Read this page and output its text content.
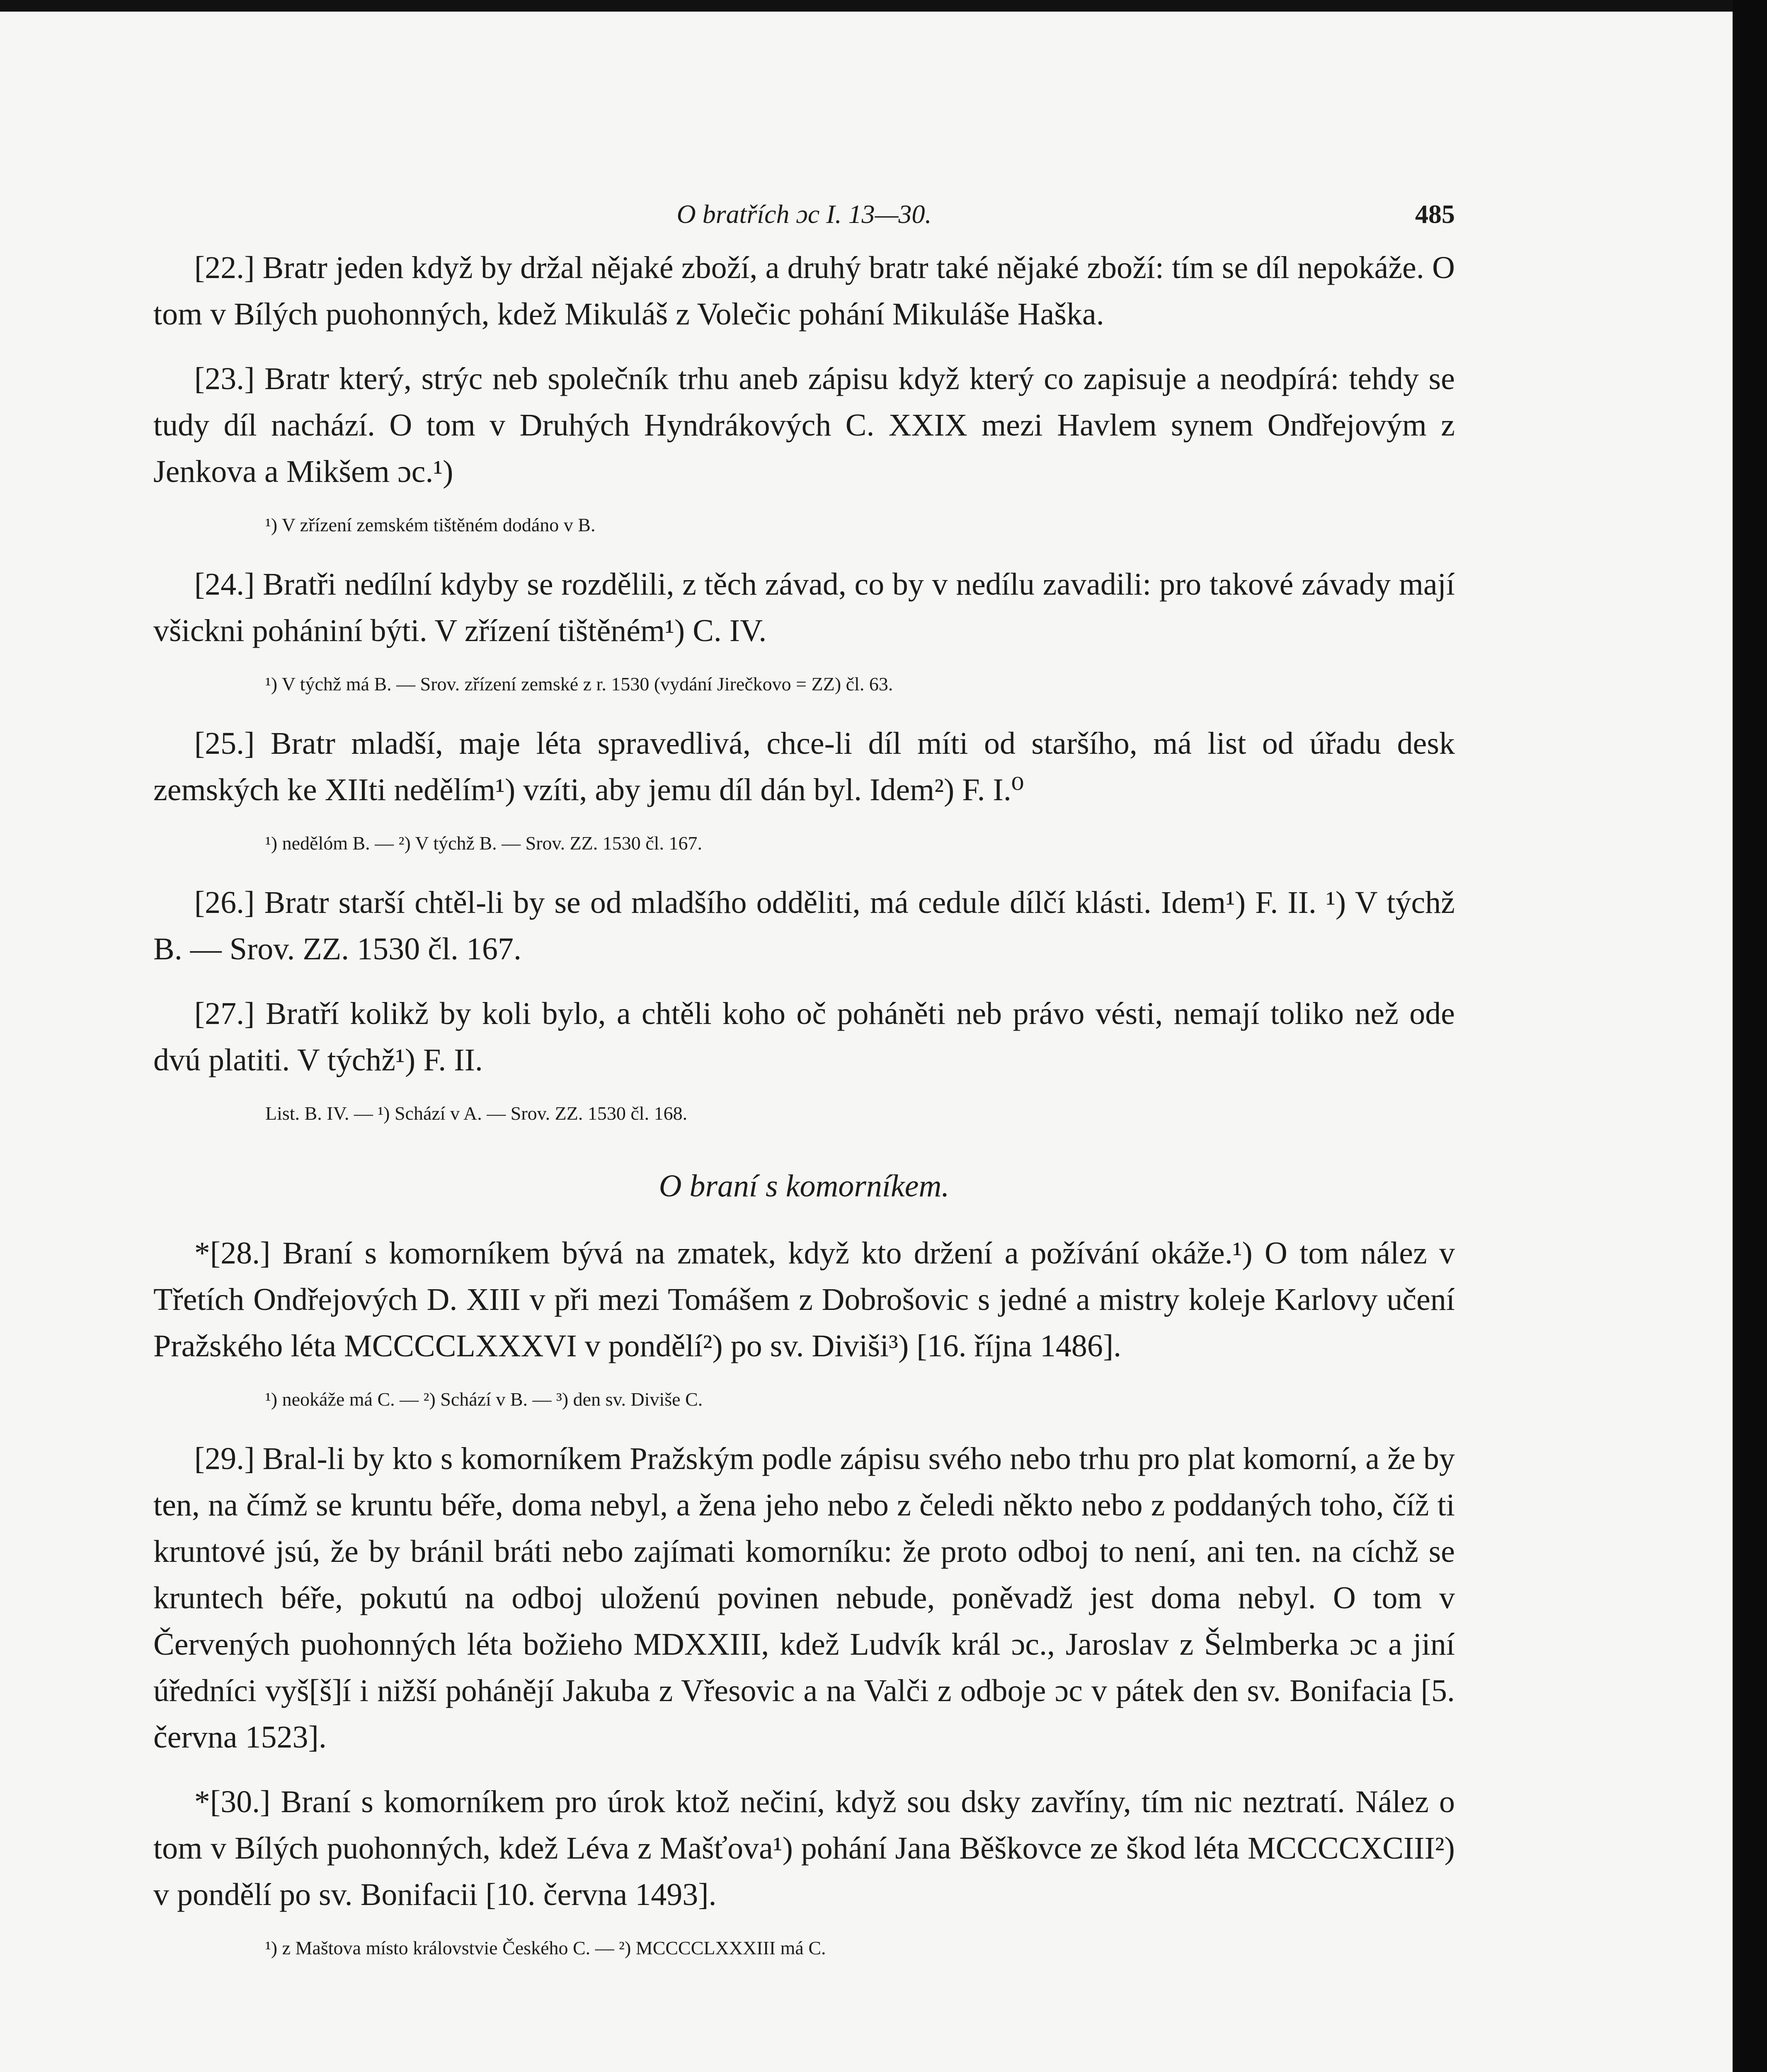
O bratřích ɔc I. 13—30.	485

[22.] Bratr jeden když by držal nějaké zboží, a druhý bratr také nějaké zboží: tím se díl nepokáže. O tom v Bílých puohonných, kdež Mikuláš z Volečic pohání Mikuláše Haška.

[23.] Bratr který, strýc neb společník trhu aneb zápisu když který co zapisuje a neodpírá: tehdy se tudy díl nachází. O tom v Druhých Hyndrákových C. XXIX mezi Havlem synem Ondřejovým z Jenkova a Mikšem ɔc.¹)

¹) V zřízení zemském tištěném dodáno v B.

[24.] Bratři nedílní kdyby se rozdělili, z těch závad, co by v nedílu zavadili: pro takové závady mají všickni pohániní býti. V zřízení tištěném¹) C. IV.

¹) V týchž má B. — Srov. zřízení zemské z r. 1530 (vydání Jirečkovo = ZZ) čl. 63.

[25.] Bratr mladší, maje léta spravedlivá, chce-li díl míti od staršího, má list od úřadu desk zemských ke XIIti nedělím¹) vzíti, aby jemu díl dán byl. Idem²) F. I.⁰

¹) nedělóm B. — ²) V týchž B. — Srov. ZZ. 1530 čl. 167.

[26.] Bratr starší chtěl-li by se od mladšího odděliti, má cedule dílčí klásti. Idem¹) F. II. ¹) V týchž B. — Srov. ZZ. 1530 čl. 167.

[27.] Bratří kolikž by koli bylo, a chtěli koho oč poháněti neb právo vésti, nemají toliko než ode dvú platiti. V týchž¹) F. II.

List. B. IV. — ¹) Schází v A. — Srov. ZZ. 1530 čl. 168.

O braní s komorníkem.

*[28.] Braní s komorníkem bývá na zmatek, když kto držení a požívání okáže.¹) O tom nález v Třetích Ondřejových D. XIII v při mezi Tomášem z Dobrošovic s jedné a mistry koleje Karlovy učení Pražského léta MCCCCLXXXVI v pondělí²) po sv. Diviši³) [16. října 1486].

¹) neokáže má C. — ²) Schází v B. — ³) den sv. Diviše C.

[29.] Bral-li by kto s komorníkem Pražským podle zápisu svého nebo trhu pro plat komorní, a že by ten, na čímž se kruntu béře, doma nebyl, a žena jeho nebo z čeledi někto nebo z poddaných toho, číž ti kruntové jsú, že by bránil bráti nebo zajímati komorníku: že proto odboj to není, ani ten. na cíchž se kruntech béře, pokutú na odboj uloženú povinen nebude, poněvadž jest doma nebyl. O tom v Červených puohonných léta božieho MDXXIII, kdež Ludvík král ɔc., Jaroslav z Šelmberka ɔc a jiní úředníci vyš[š]í i nižší pohánějí Jakuba z Vřesovic a na Valči z odboje ɔc v pátek den sv. Bonifacia [5. června 1523].

*[30.] Braní s komorníkem pro úrok ktož nečiní, když sou dsky zavříny, tím nic neztratí. Nález o tom v Bílých puohonných, kdež Léva z Mašťova¹) pohání Jana Běškovce ze škod léta MCCCCXCIII²) v pondělí po sv. Bonifacii [10. června 1493].

¹) z Maštova místo královstvie Českého C. — ²) MCCCCLXXXIII má C.
